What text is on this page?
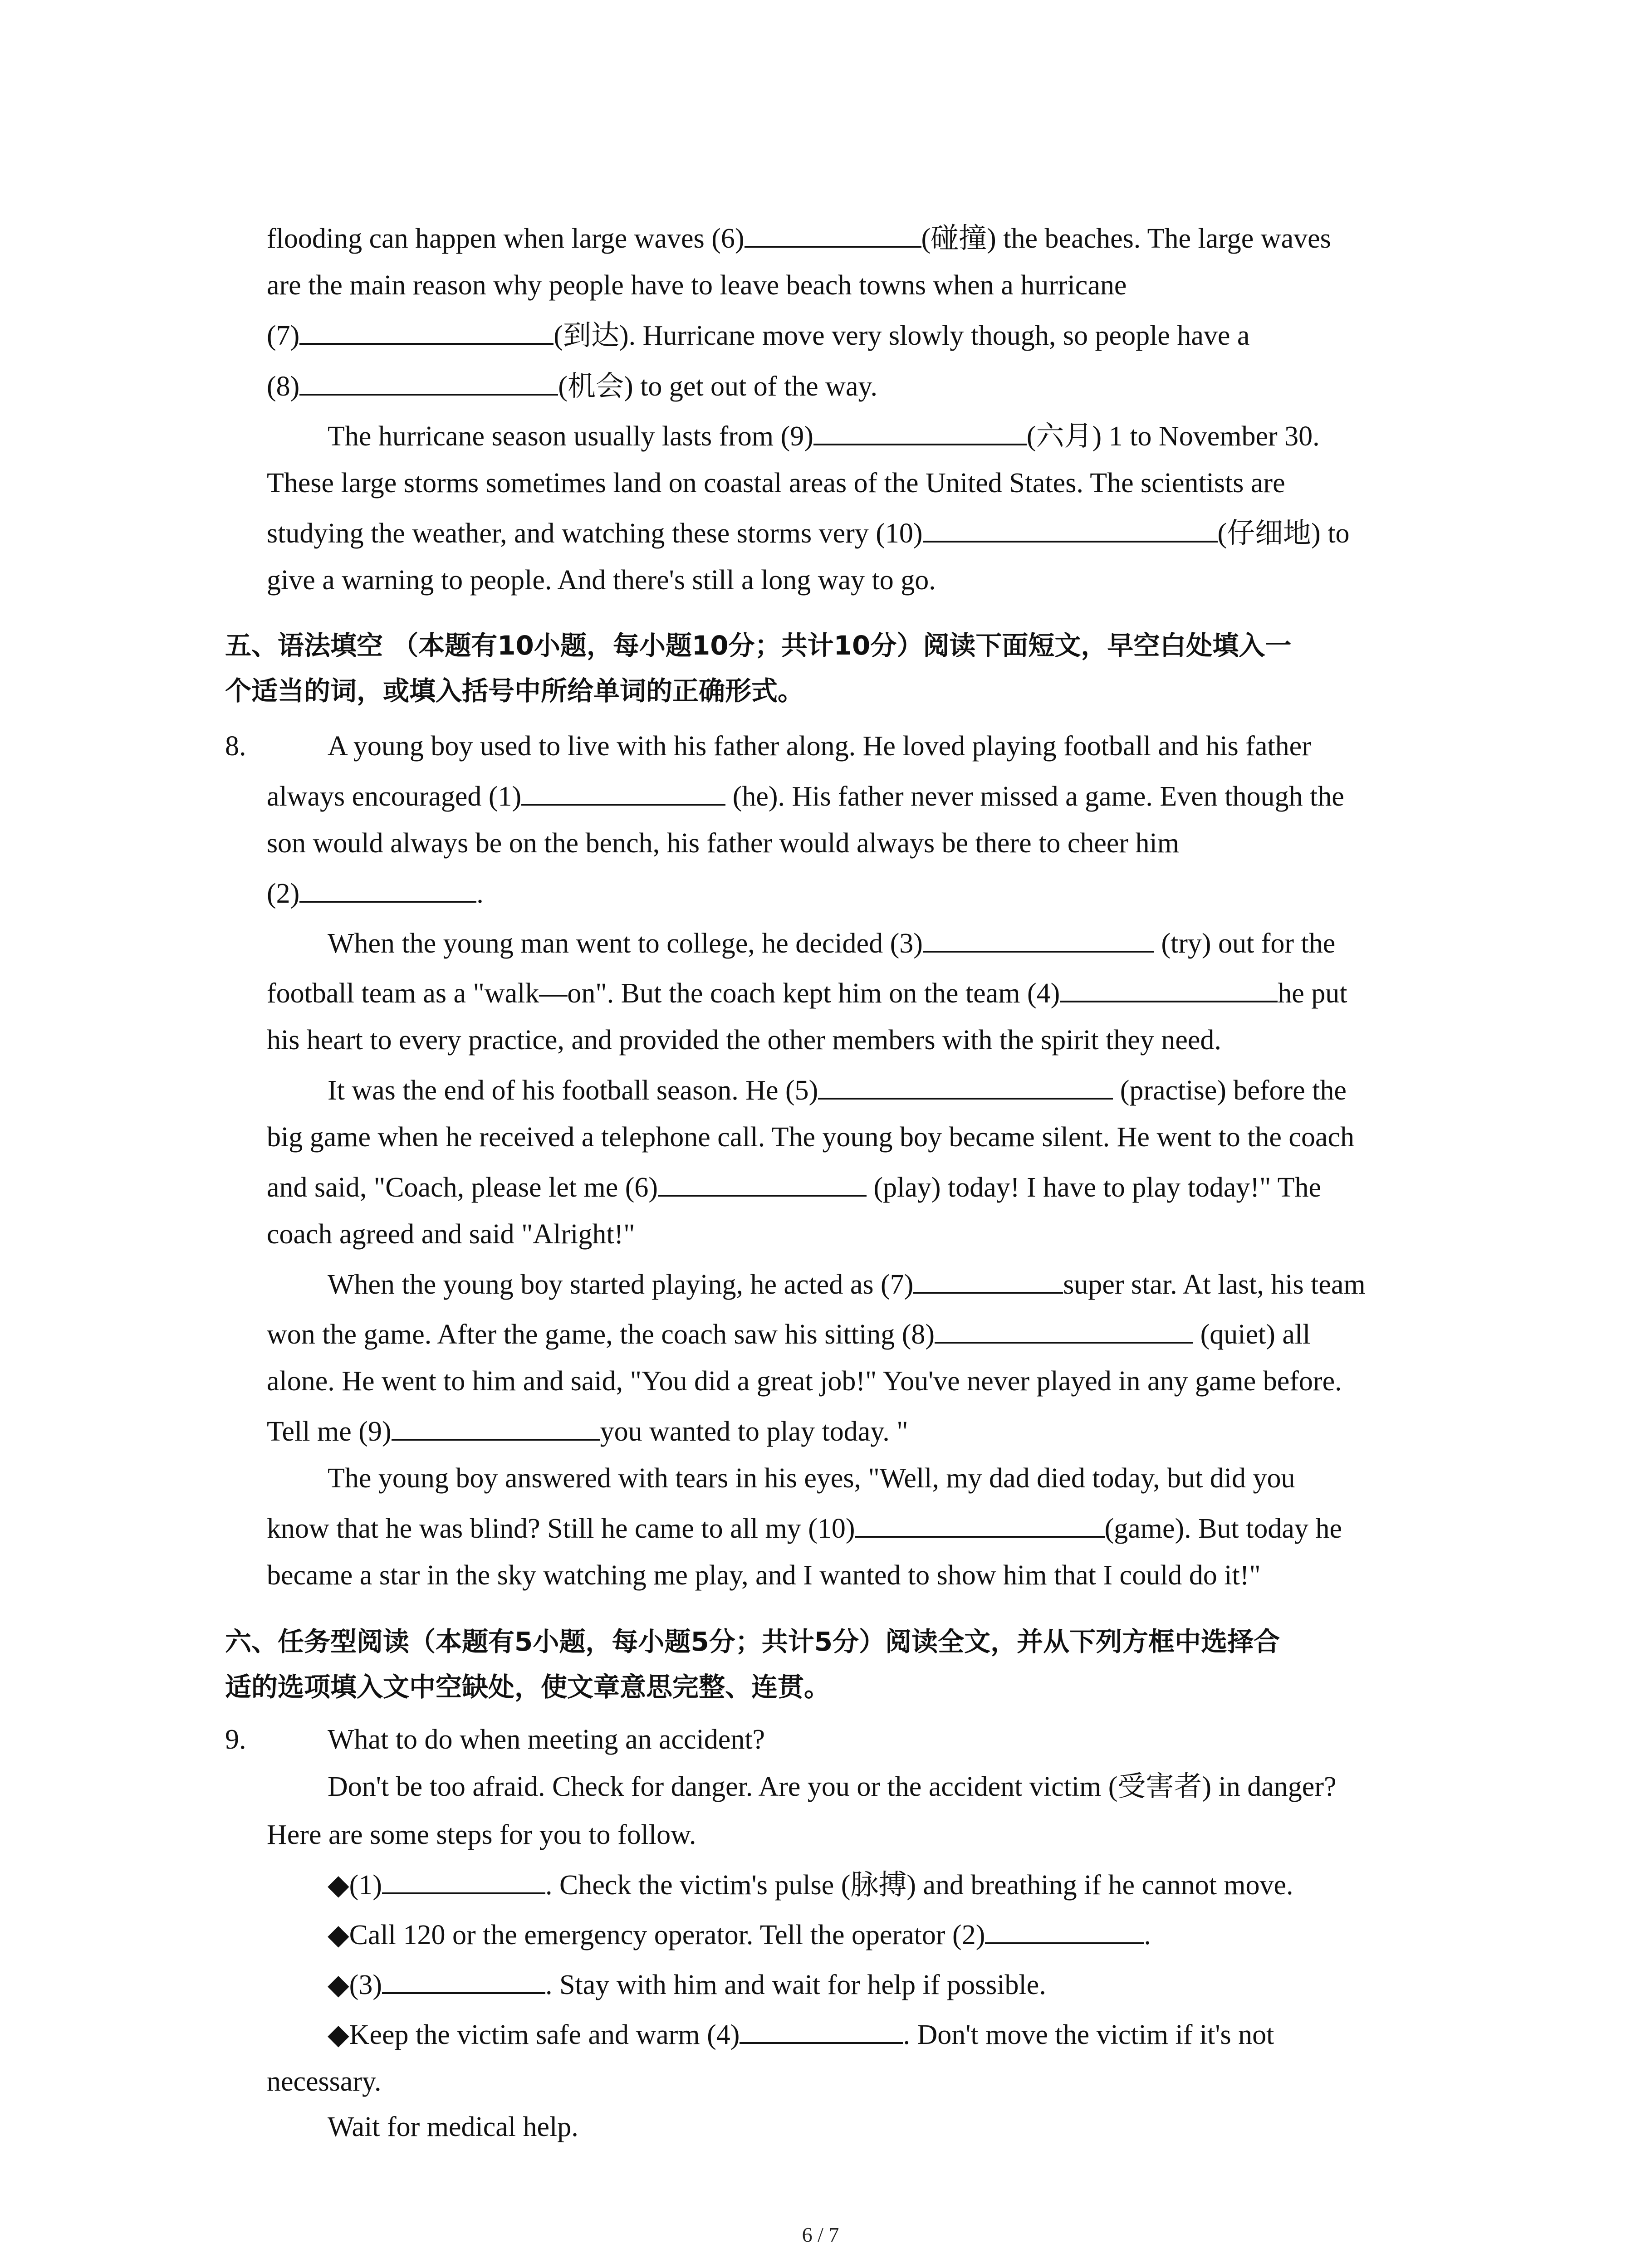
flooding can happen when large waves (6)	(碰撞) the beaches. The large waves
are the main reason why people have to leave beach towns when a hurricane
(7)	(到达). Hurricane move very slowly though, so people have a
(8)	(机会) to get out of the way.
The hurricane season usually lasts from (9)	(六月) 1 to November 30.
These large storms sometimes land on coastal areas of the United States. The scientists are
studying the weather, and watching these storms very (10)	(仔细地) to
give a warning to people. And there's still a long way to go.
五、语法填空 （本题有10小题，每小题10分；共计10分）阅读下面短文，早空白处填入一
个适当的词，或填入括号中所给单词的正确形式。
8.	A young boy used to live with his father along. He loved playing football and his father
always encouraged (1)	(he). His father never missed a game. Even though the
son would always be on the bench, his father would always be there to cheer him
(2)	.
When the young man went to college, he decided (3)	(try) out for the
football team as a "walk—on". But the coach kept him on the team (4)	he put
his heart to every practice, and provided the other members with the spirit they need.
It was the end of his football season. He (5)	(practise) before the
big game when he received a telephone call. The young boy became silent. He went to the coach
and said, "Coach, please let me (6)	(play) today! I have to play today!" The
coach agreed and said "Alright!"
When the young boy started playing, he acted as (7)	super star. At last, his team
won the game. After the game, the coach saw his sitting (8)	(quiet) all
alone. He went to him and said, "You did a great job!" You've never played in any game before.
Tell me (9)	you wanted to play today. "
The young boy answered with tears in his eyes, "Well, my dad died today, but did you
know that he was blind? Still he came to all my (10)	(game). But today he
became a star in the sky watching me play, and I wanted to show him that I could do it!"
六、任务型阅读（本题有5小题，每小题5分；共计5分）阅读全文，并从下列方框中选择合
适的选项填入文中空缺处，使文章意思完整、连贯。
9.	What to do when meeting an accident?
Don't be too afraid. Check for danger. Are you or the accident victim (受害者) in danger?
Here are some steps for you to follow.
◆(1)	. Check the victim's pulse (脉搏) and breathing if he cannot move.
◆Call 120 or the emergency operator. Tell the operator (2)	.
◆(3)	. Stay with him and wait for help if possible.
◆Keep the victim safe and warm (4)	. Don't move the victim if it's not
necessary.
Wait for medical help.
6 / 7
